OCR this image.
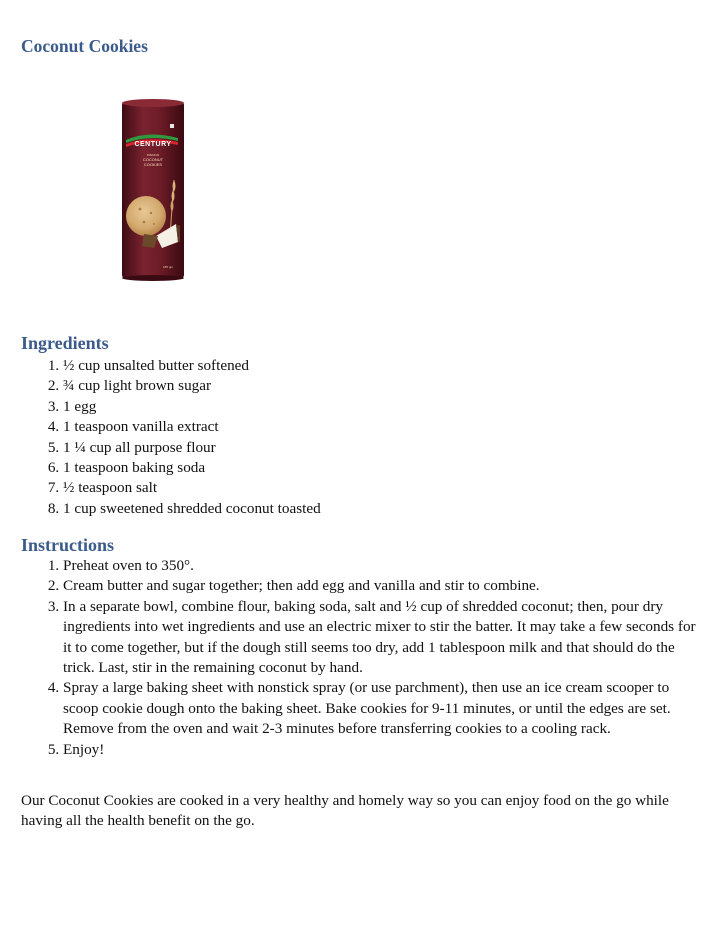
Coconut Cookies
CENTURY
PREMIUM
COCONUT
COOKIES
185 gm
Ingredients
1. ½ cup unsalted butter softened
2. ¾ cup light brown sugar
3. 1 egg
4. 1 teaspoon vanilla extract
5. 1 ¼ cup all purpose flour
6. 1 teaspoon baking soda
7. ½ teaspoon salt
8. 1 cup sweetened shredded coconut toasted
Instructions
1. Preheat oven to 350°.
2. Cream butter and sugar together; then add egg and vanilla and stir to combine.
3. In a separate bowl, combine flour, baking soda, salt and ½ cup of shredded coconut; then, pour dry ingredients into wet ingredients and use an electric mixer to stir the batter. It may take a few seconds for it to come together, but if the dough still seems too dry, add 1 tablespoon milk and that should do the trick. Last, stir in the remaining coconut by hand.
4. Spray a large baking sheet with nonstick spray (or use parchment), then use an ice cream scooper to scoop cookie dough onto the baking sheet. Bake cookies for 9-11 minutes, or until the edges are set. Remove from the oven and wait 2-3 minutes before transferring cookies to a cooling rack.
5. Enjoy!

Our Coconut Cookies are cooked in a very healthy and homely way so you can enjoy food on the go while having all the health benefit on the go.
